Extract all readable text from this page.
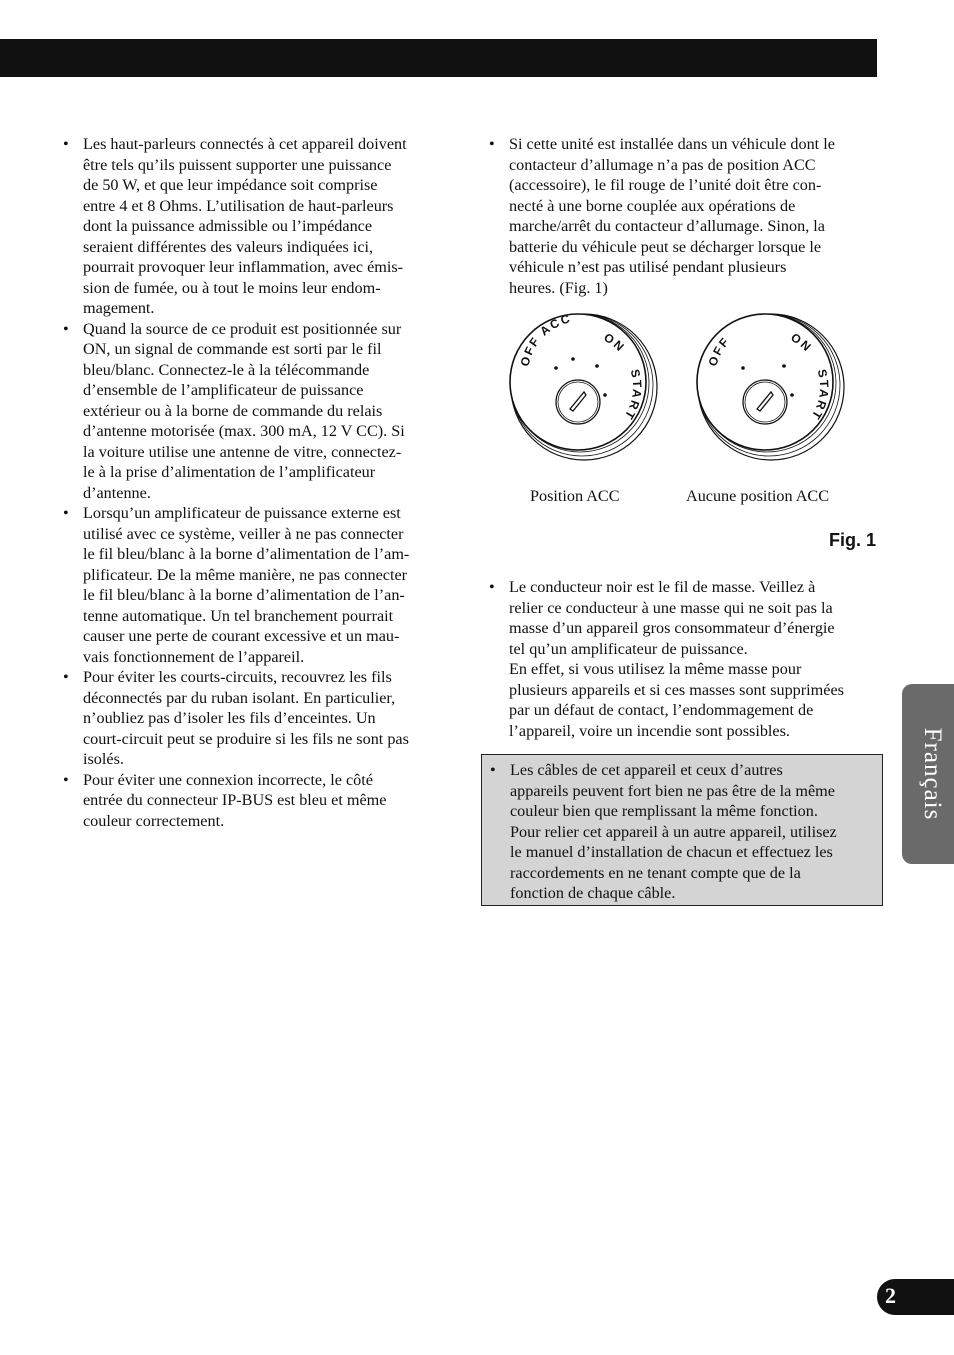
• Les haut-parleurs connectés à cet appareil doivent
être tels qu’ils puissent supporter une puissance
de 50 W, et que leur impédance soit comprise
entre 4 et 8 Ohms. L’utilisation de haut-parleurs
dont la puissance admissible ou l’impédance
seraient différentes des valeurs indiquées ici,
pourrait provoquer leur inflammation, avec émis-
sion de fumée, ou à tout le moins leur endom-
magement.
• Quand la source de ce produit est positionnée sur
ON, un signal de commande est sorti par le fil
bleu/blanc. Connectez-le à la télécommande
d’ensemble de l’amplificateur de puissance
extérieur ou à la borne de commande du relais
d’antenne motorisée (max. 300 mA, 12 V CC). Si
la voiture utilise une antenne de vitre, connectez-
le à la prise d’alimentation de l’amplificateur
d’antenne.
• Lorsqu’un amplificateur de puissance externe est
utilisé avec ce système, veiller à ne pas connecter
le fil bleu/blanc à la borne d’alimentation de l’am-
plificateur. De la même manière, ne pas connecter
le fil bleu/blanc à la borne d’alimentation de l’an-
tenne automatique. Un tel branchement pourrait
causer une perte de courant excessive et un mau-
vais fonctionnement de l’appareil.
• Pour éviter les courts-circuits, recouvrez les fils
déconnectés par du ruban isolant. En particulier,
n’oubliez pas d’isoler les fils d’enceintes. Un
court-circuit peut se produire si les fils ne sont pas
isolés.
• Pour éviter une connexion incorrecte, le côté
entrée du connecteur IP-BUS est bleu et même
couleur correctement.
• Si cette unité est installée dans un véhicule dont le
contacteur d’allumage n’a pas de position ACC
(accessoire), le fil rouge de l’unité doit être con-
necté à une borne couplée aux opérations de
marche/arrêt du contacteur d’allumage. Sinon, la
batterie du véhicule peut se décharger lorsque le
véhicule n’est pas utilisé pendant plusieurs
heures. (Fig. 1)
OFF ACC
ON
START
OFF	ON
START
Position ACC	Aucune position ACC
Fig. 1
• Le conducteur noir est le fil de masse. Veillez à
relier ce conducteur à une masse qui ne soit pas la
masse d’un appareil gros consommateur d’énergie
tel qu’un amplificateur de puissance.
En effet, si vous utilisez la même masse pour
plusieurs appareils et si ces masses sont supprimées
par un défaut de contact, l’endommagement de
l’appareil, voire un incendie sont possibles.
• Les câbles de cet appareil et ceux d’autres
appareils peuvent fort bien ne pas être de la même
couleur bien que remplissant la même fonction.
Pour relier cet appareil à un autre appareil, utilisez
le manuel d’installation de chacun et effectuez les
raccordements en ne tenant compte que de la
fonction de chaque câble.
Français
2
